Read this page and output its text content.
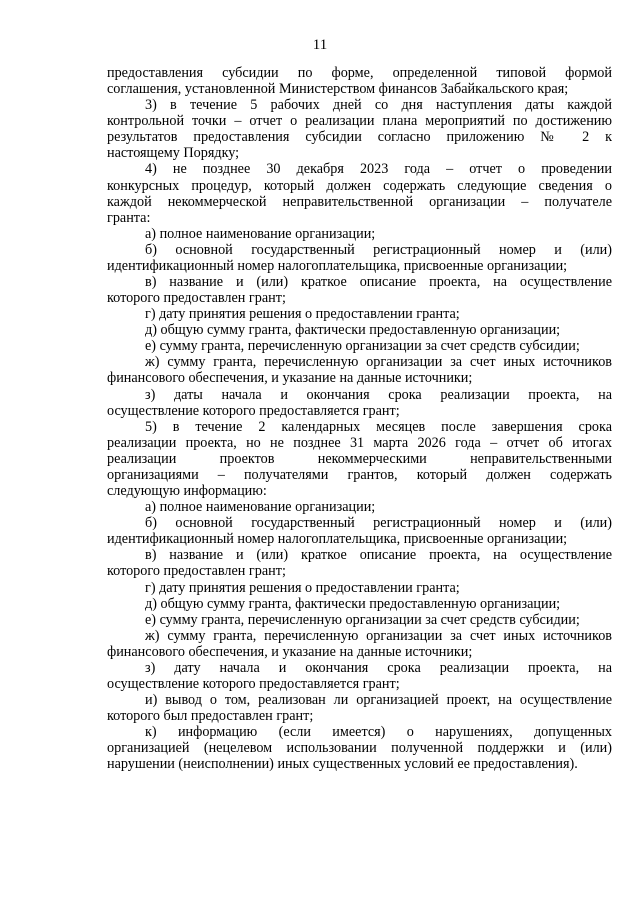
11
предоставления субсидии по форме, определенной типовой формой
соглашения, установленной Министерством финансов Забайкальского края;
3) в течение 5 рабочих дней со дня наступления даты каждой
контрольной точки – отчет о реализации плана мероприятий по достижению
результатов предоставления субсидии согласно приложению № 2 к
настоящему Порядку;
4) не позднее 30 декабря 2023 года – отчет о проведении
конкурсных процедур, который должен содержать следующие сведения о
каждой некоммерческой неправительственной организации – получателе
гранта:
а) полное наименование организации;
б) основной государственный регистрационный номер и (или)
идентификационный номер налогоплательщика, присвоенные организации;
в) название и (или) краткое описание проекта, на осуществление
которого предоставлен грант;
г) дату принятия решения о предоставлении гранта;
д) общую сумму гранта, фактически предоставленную организации;
е) сумму гранта, перечисленную организации за счет средств субсидии;
ж) сумму гранта, перечисленную организации за счет иных источников
финансового обеспечения, и указание на данные источники;
з) даты начала и окончания срока реализации проекта, на
осуществление которого предоставляется грант;
5) в течение 2 календарных месяцев после завершения срока
реализации проекта, но не позднее 31 марта 2026 года – отчет об итогах
реализации проектов некоммерческими неправительственными
организациями – получателями грантов, который должен содержать
следующую информацию:
а) полное наименование организации;
б) основной государственный регистрационный номер и (или)
идентификационный номер налогоплательщика, присвоенные организации;
в) название и (или) краткое описание проекта, на осуществление
которого предоставлен грант;
г) дату принятия решения о предоставлении гранта;
д) общую сумму гранта, фактически предоставленную организации;
е) сумму гранта, перечисленную организации за счет средств субсидии;
ж) сумму гранта, перечисленную организации за счет иных источников
финансового обеспечения, и указание на данные источники;
з) дату начала и окончания срока реализации проекта, на
осуществление которого предоставляется грант;
и) вывод о том, реализован ли организацией проект, на осуществление
которого был предоставлен грант;
к) информацию (если имеется) о нарушениях, допущенных
организацией (нецелевом использовании полученной поддержки и (или)
нарушении (неисполнении) иных существенных условий ее предоставления).
